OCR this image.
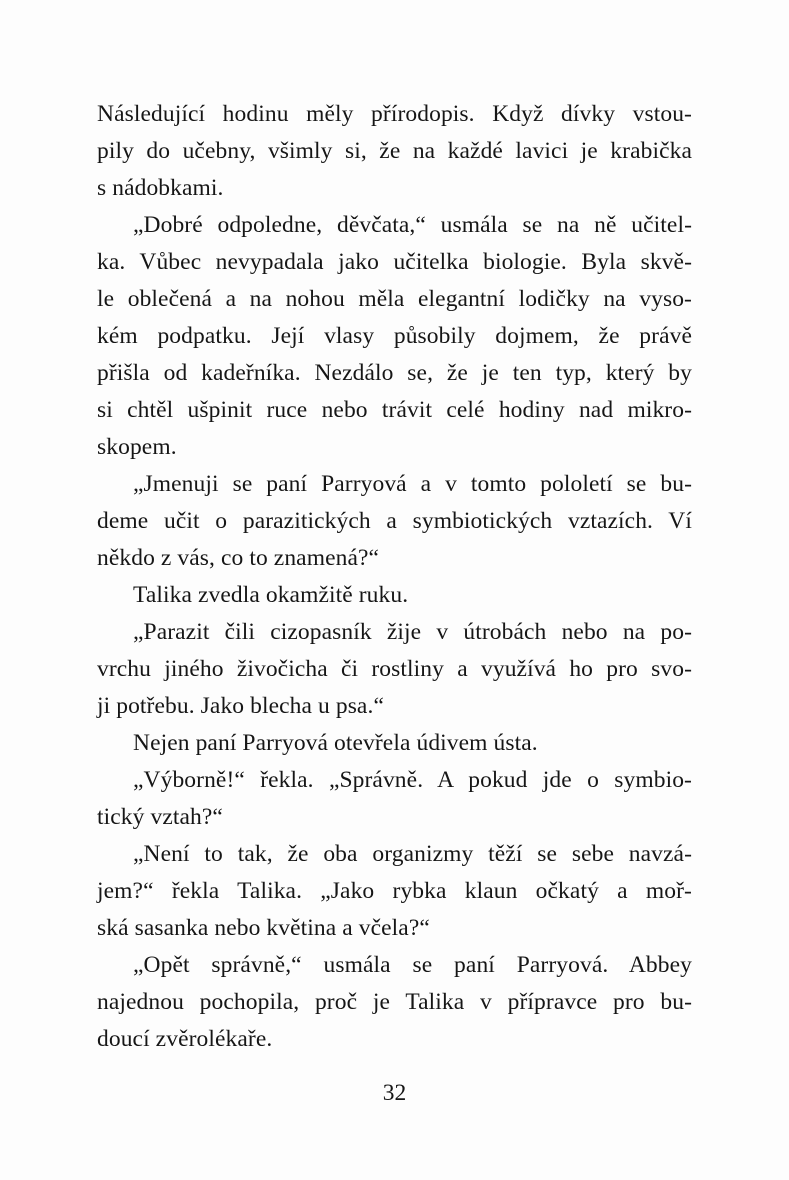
Následující hodinu měly přírodopis. Když dívky vstou-
pily do učebny, všimly si, že na každé lavici je krabička
s nádobkami.
„Dobré odpoledne, děvčata,“ usmála se na ně učitel-
ka. Vůbec nevypadala jako učitelka biologie. Byla skvě-
le oblečená a na nohou měla elegantní lodičky na vyso-
kém podpatku. Její vlasy působily dojmem, že právě
přišla od kadeřníka. Nezdálo se, že je ten typ, který by
si chtěl ušpinit ruce nebo trávit celé hodiny nad mikro-
skopem.
„Jmenuji se paní Parryová a v tomto pololetí se bu-
deme učit o parazitických a symbiotických vztazích. Ví
někdo z vás, co to znamená?“
Talika zvedla okamžitě ruku.
„Parazit čili cizopasník žije v útrobách nebo na po-
vrchu jiného živočicha či rostliny a využívá ho pro svo-
ji potřebu. Jako blecha u psa.“
Nejen paní Parryová otevřela údivem ústa.
„Výborně!“ řekla. „Správně. A pokud jde o symbio-
tický vztah?“
„Není to tak, že oba organizmy těží se sebe navzá-
jem?“ řekla Talika. „Jako rybka klaun očkatý a moř-
ská sasanka nebo květina a včela?“
„Opět správně,“ usmála se paní Parryová. Abbey
najednou pochopila, proč je Talika v přípravce pro bu-
doucí zvěrolékaře.
32
